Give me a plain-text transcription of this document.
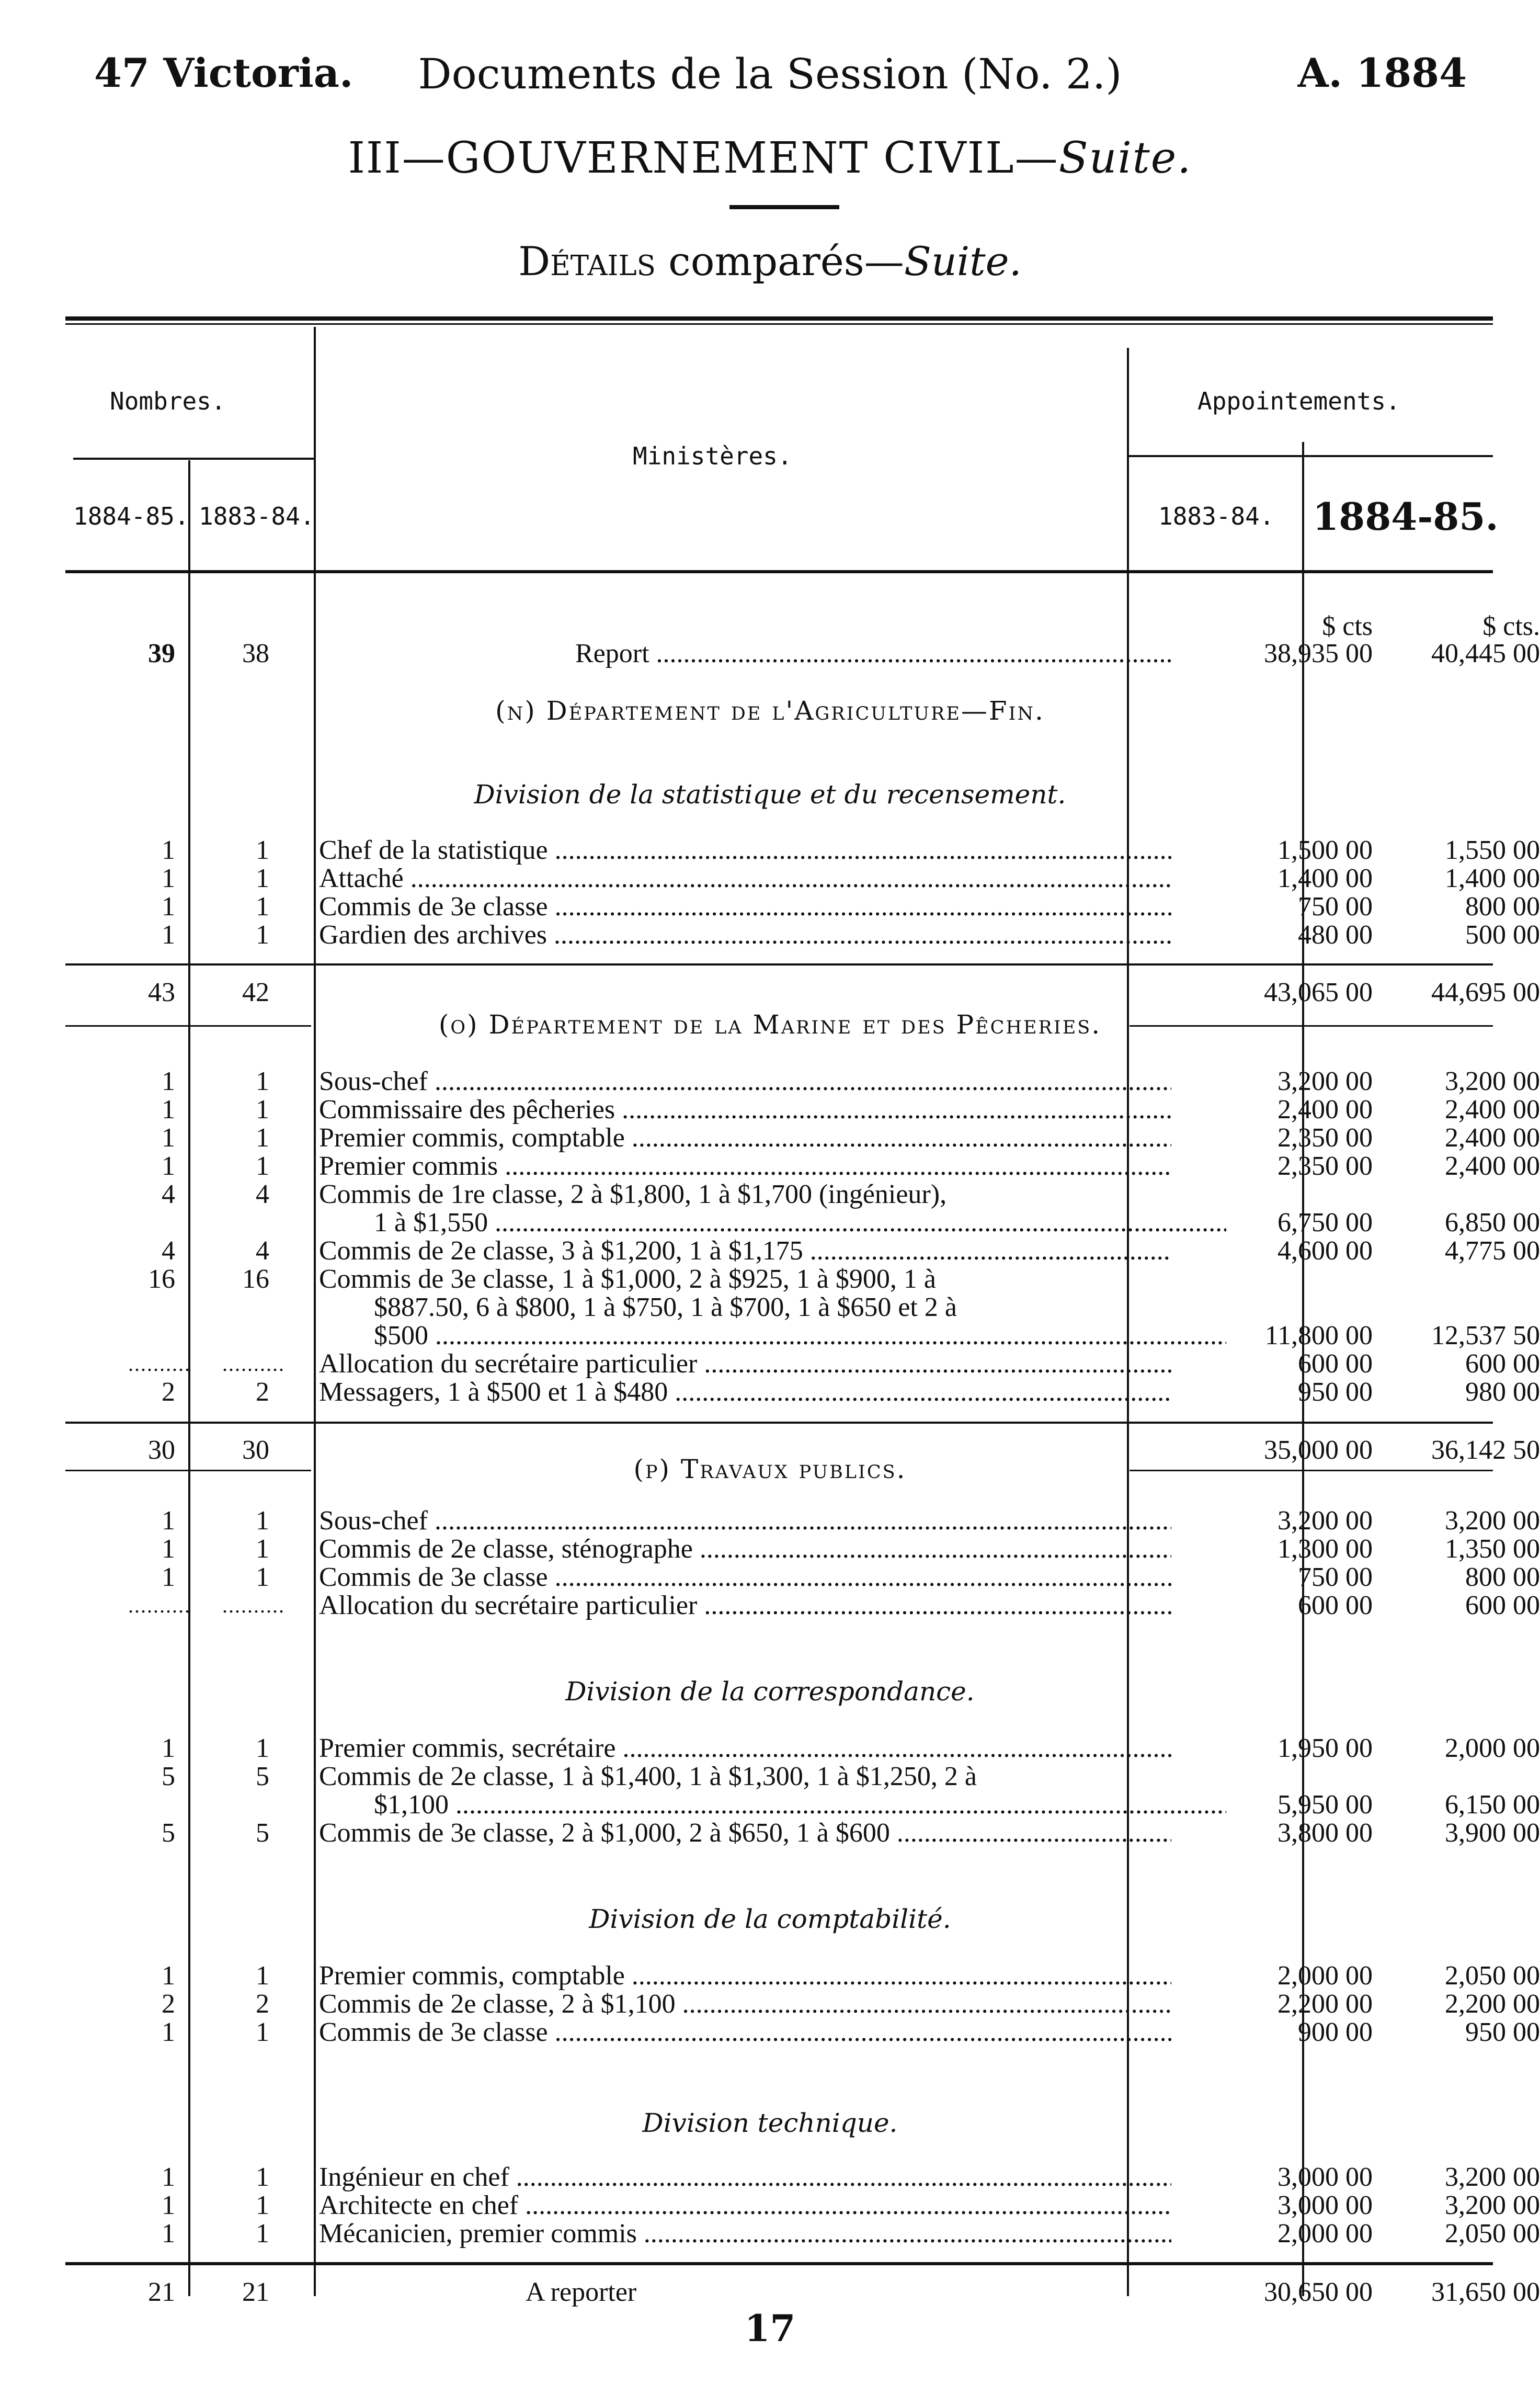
47 Victoria.	Documents de la Session (No. 2.)	A. 1884
III—GOUVERNEMENT CIVIL—Suite.
Détails comparés—Suite.
Nombres.
Ministères.
Appointements.
1884-85. 1883-84.	1883-84. 1884-85.
$ cts	$ cts.
39	38	Report .....	38,935 00	40,445 00
(n) Département de l'Agriculture—Fin.
Division de la statistique et du recensement.
1	1 Chef de la statistique .....	1,500 00	1,550 00
1	1 Attaché .....	1,400 00	1,400 00
1	1 Commis de 3e classe .....	750 00	800 00
1	1 Gardien des archives .....	480 00	500 00
43	42	43,065 00	44,695 00
(o) Département de la Marine et des Pêcheries.
1	1 Sous-chef .....	3,200 00	3,200 00
1	1 Commissaire des pêcheries .....	2,400 00	2,400 00
1	1 Premier commis, comptable .....	2,350 00	2,400 00
1	1 Premier commis .....	2,350 00	2,400 00
4	4 Commis de 1re classe, 2 à $1,800, 1 à $1,700 (ingénieur),
1 à $1,550 .....	6,750 00	6,850 00
4	4 Commis de 2e classe, 3 à $1,200, 1 à $1,175 .....	4,600 00	4,775 00
16	16 Commis de 3e classe, 1 à $1,000, 2 à $925, 1 à $900, 1 à
$887.50, 6 à $800, 1 à $750, 1 à $700, 1 à $650 et 2 à
$500 .....	11,800 00	12,537 50
.......... .......... Allocation du secrétaire particulier .....	600 00	600 00
2	2 Messagers, 1 à $500 et 1 à $480 .....	950 00	980 00
30	30	35,000 00	36,142 50
(p) Travaux publics.
1	1 Sous-chef .....	3,200 00	3,200 00
1	1 Commis de 2e classe, sténographe .....	1,300 00	1,350 00
1	1 Commis de 3e classe .....	750 00	800 00
.......... .......... Allocation du secrétaire particulier .....	600 00	600 00
Division de la correspondance.
1	1 Premier commis, secrétaire .....	1,950 00	2,000 00
5	5 Commis de 2e classe, 1 à $1,400, 1 à $1,300, 1 à $1,250, 2 à
$1,100 .....	5,950 00	6,150 00
5	5 Commis de 3e classe, 2 à $1,000, 2 à $650, 1 à $600 .....	3,800 00	3,900 00
Division de la comptabilité.
1	1 Premier commis, comptable .....	2,000 00	2,050 00
2	2 Commis de 2e classe, 2 à $1,100 .....	2,200 00	2,200 00
1	1 Commis de 3e classe .....	900 00	950 00
Division technique.
1	1 Ingénieur en chef .....	3,000 00	3,200 00
1	1 Architecte en chef .....	3,000 00	3,200 00
1	1 Mécanicien, premier commis .....	2,000 00	2,050 00
21	21	A reporter	30,650 00	31,650 00
17
